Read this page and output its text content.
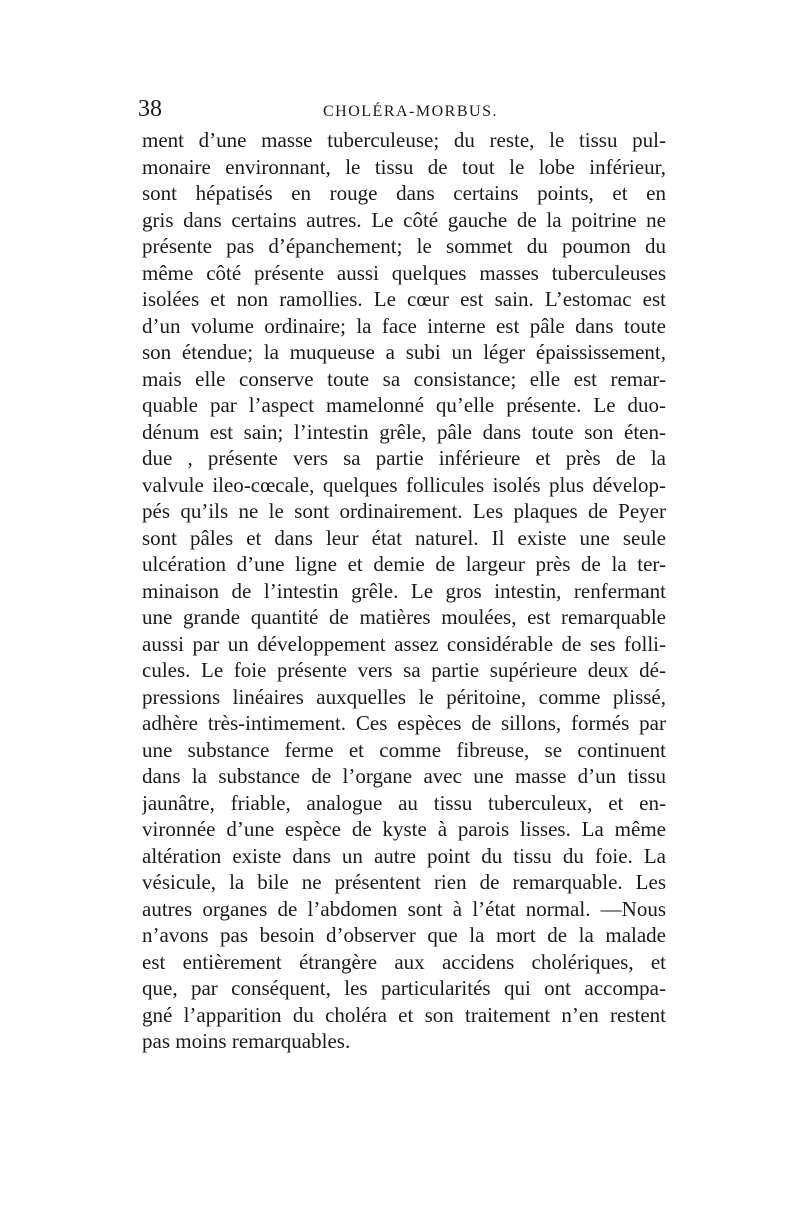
38	CHOLÉRA-MORBUS.
ment d’une masse tuberculeuse; du reste, le tissu pul-
monaire environnant, le tissu de tout le lobe inférieur,
sont hépatisés en rouge dans certains points, et en
gris dans certains autres. Le côté gauche de la poitrine ne
présente pas d’épanchement; le sommet du poumon du
même côté présente aussi quelques masses tuberculeuses
isolées et non ramollies. Le cœur est sain. L’estomac est
d’un volume ordinaire; la face interne est pâle dans toute
son étendue; la muqueuse a subi un léger épaississement,
mais elle conserve toute sa consistance; elle est remar-
quable par l’aspect mamelonné qu’elle présente. Le duo-
dénum est sain; l’intestin grêle, pâle dans toute son éten-
due , présente vers sa partie inférieure et près de la
valvule ileo-cœcale, quelques follicules isolés plus dévelop-
pés qu’ils ne le sont ordinairement. Les plaques de Peyer
sont pâles et dans leur état naturel. Il existe une seule
ulcération d’une ligne et demie de largeur près de la ter-
minaison de l’intestin grêle. Le gros intestin, renfermant
une grande quantité de matières moulées, est remarquable
aussi par un développement assez considérable de ses folli-
cules. Le foie présente vers sa partie supérieure deux dé-
pressions linéaires auxquelles le péritoine, comme plissé,
adhère très-intimement. Ces espèces de sillons, formés par
une substance ferme et comme fibreuse, se continuent
dans la substance de l’organe avec une masse d’un tissu
jaunâtre, friable, analogue au tissu tuberculeux, et en-
vironnée d’une espèce de kyste à parois lisses. La même
altération existe dans un autre point du tissu du foie. La
vésicule, la bile ne présentent rien de remarquable. Les
autres organes de l’abdomen sont à l’état normal. —Nous
n’avons pas besoin d’observer que la mort de la malade
est entièrement étrangère aux accidens cholériques, et
que, par conséquent, les particularités qui ont accompa-
gné l’apparition du choléra et son traitement n’en restent
pas moins remarquables.
